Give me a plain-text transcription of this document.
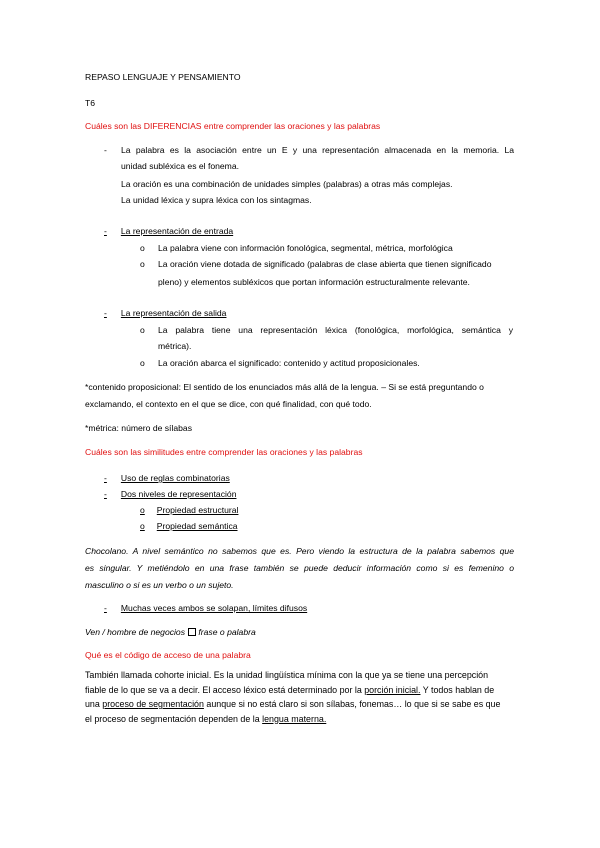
REPASO LENGUAJE Y PENSAMIENTO
T6
Cuáles son las DIFERENCIAS entre comprender las oraciones y las palabras
- La palabra es la asociación entre un E y una representación almacenada en la memoria. La
unidad subléxica es el fonema.
La oración es una combinación de unidades simples (palabras) a otras más complejas.
La unidad léxica y supra léxica con los sintagmas.
- La representación de entrada
o La palabra viene con información fonológica, segmental, métrica, morfológica
o La oración viene dotada de significado (palabras de clase abierta que tienen significado
pleno) y elementos subléxicos que portan información estructuralmente relevante.
- La representación de salida
o La palabra tiene una representación léxica (fonológica, morfológica, semántica y
métrica).
o La oración abarca el significado: contenido y actitud proposicionales.
*contenido proposicional: El sentido de los enunciados más allá de la lengua. – Si se está preguntando o
exclamando, el contexto en el que se dice, con qué finalidad, con qué todo.
*métrica: número de sílabas
Cuáles son las similitudes entre comprender las oraciones y las palabras
- Uso de reglas combinatorias
- Dos niveles de representación
o Propiedad estructural
o Propiedad semántica
Chocolano. A nivel semántico no sabemos que es. Pero viendo la estructura de la palabra sabemos que
es singular. Y metiéndolo en una frase también se puede deducir información como si es femenino o
masculino o si es un verbo o un sujeto.
- Muchas veces ambos se solapan, límites difusos
Ven / hombre de negocios frase o palabra
Qué es el código de acceso de una palabra
También llamada cohorte inicial. Es la unidad lingüística mínima con la que ya se tiene una percepción
fiable de lo que se va a decir. El acceso léxico está determinado por la porción inicial. Y todos hablan de
una proceso de segmentación aunque si no está claro si son sílabas, fonemas… lo que si se sabe es que
el proceso de segmentación dependen de la lengua materna.
